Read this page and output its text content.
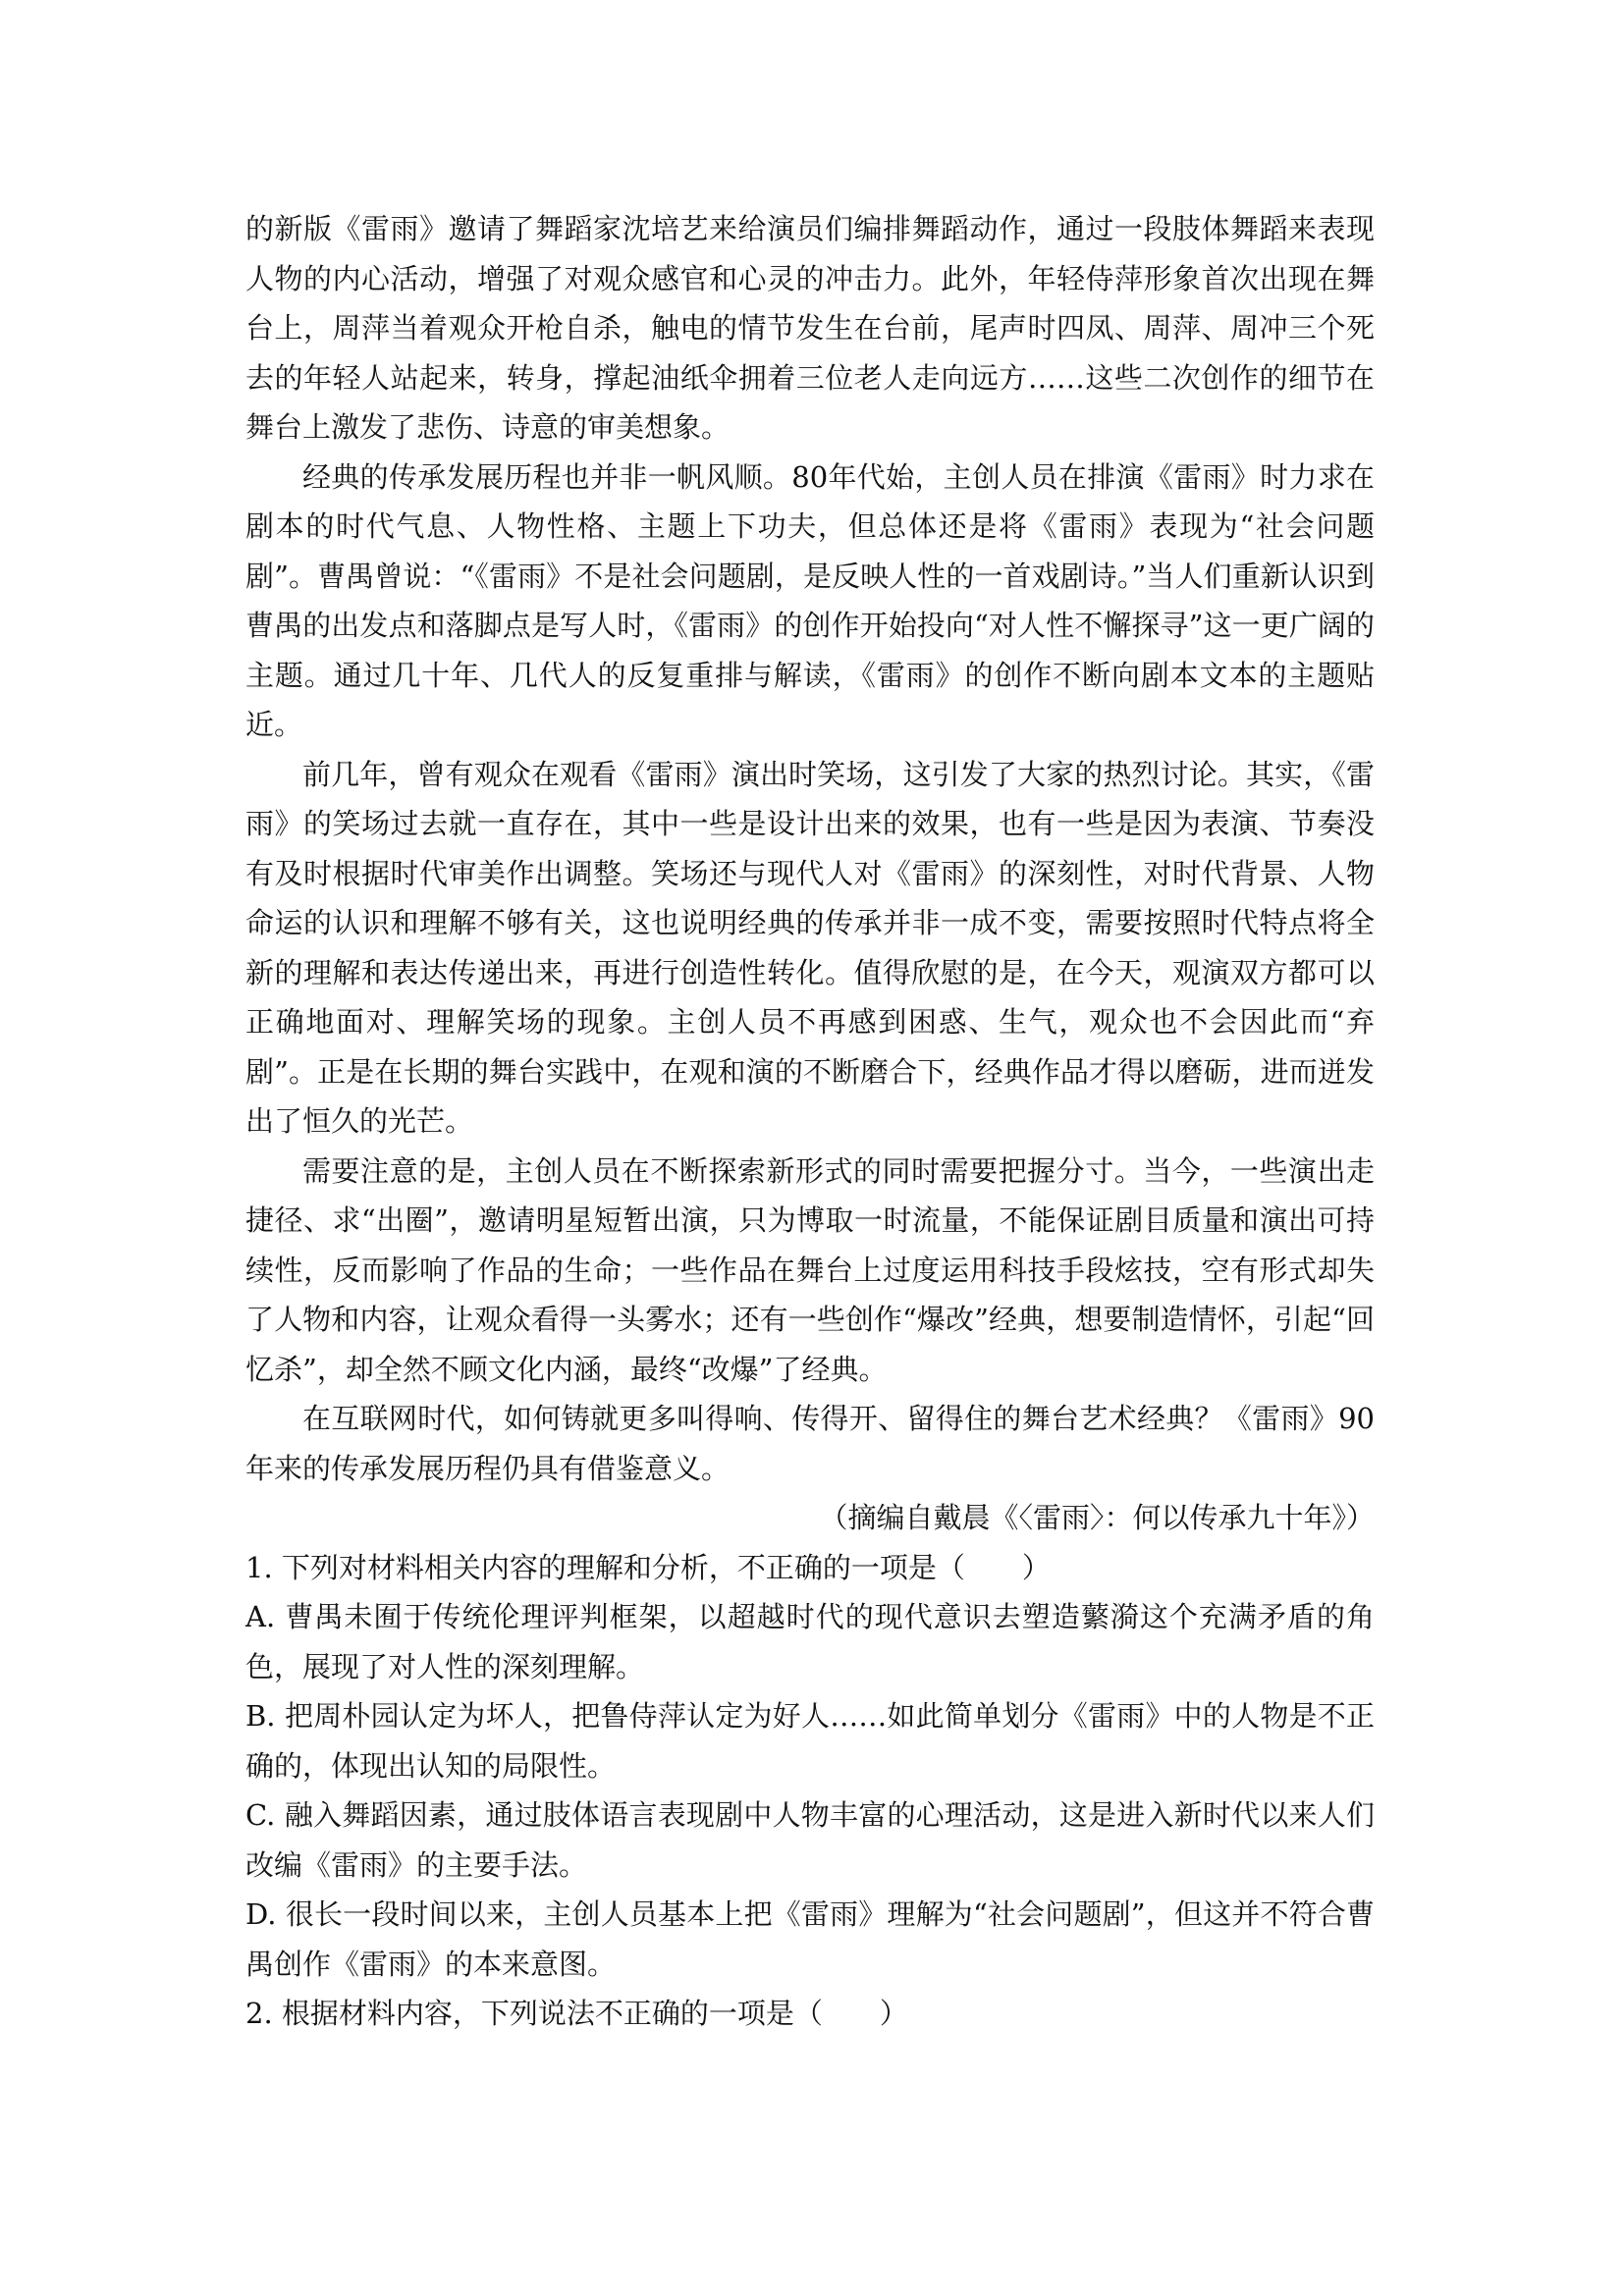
的新版《雷雨》邀请了舞蹈家沈培艺来给演员们编排舞蹈动作，通过一段肢体舞蹈来表现人物的内心活动，增强了对观众感官和心灵的冲击力。此外，年轻侍萍形象首次出现在舞台上，周萍当着观众开枪自杀，触电的情节发生在台前，尾声时四凤、周萍、周冲三个死去的年轻人站起来，转身，撑起油纸伞拥着三位老人走向远方……这些二次创作的细节在舞台上激发了悲伤、诗意的审美想象。

经典的传承发展历程也并非一帆风顺。80年代始，主创人员在排演《雷雨》时力求在剧本的时代气息、人物性格、主题上下功夫，但总体还是将《雷雨》表现为“社会问题剧”。曹禺曾说：“《雷雨》不是社会问题剧，是反映人性的一首戏剧诗。”当人们重新认识到曹禺的出发点和落脚点是写人时，《雷雨》的创作开始投向“对人性不懈探寻”这一更广阔的主题。通过几十年、几代人的反复重排与解读，《雷雨》的创作不断向剧本文本的主题贴近。

前几年，曾有观众在观看《雷雨》演出时笑场，这引发了大家的热烈讨论。其实，《雷雨》的笑场过去就一直存在，其中一些是设计出来的效果，也有一些是因为表演、节奏没有及时根据时代审美作出调整。笑场还与现代人对《雷雨》的深刻性，对时代背景、人物命运的认识和理解不够有关，这也说明经典的传承并非一成不变，需要按照时代特点将全新的理解和表达传递出来，再进行创造性转化。值得欣慰的是，在今天，观演双方都可以正确地面对、理解笑场的现象。主创人员不再感到困惑、生气，观众也不会因此而“弃剧”。正是在长期的舞台实践中，在观和演的不断磨合下，经典作品才得以磨砺，进而迸发出了恒久的光芒。

需要注意的是，主创人员在不断探索新形式的同时需要把握分寸。当今，一些演出走捷径、求“出圈”，邀请明星短暂出演，只为博取一时流量，不能保证剧目质量和演出可持续性，反而影响了作品的生命；一些作品在舞台上过度运用科技手段炫技，空有形式却失了人物和内容，让观众看得一头雾水；还有一些创作“爆改”经典，想要制造情怀，引起“回忆杀”，却全然不顾文化内涵，最终“改爆”了经典。

在互联网时代，如何铸就更多叫得响、传得开、留得住的舞台艺术经典？《雷雨》90年来的传承发展历程仍具有借鉴意义。

（摘编自戴晨《〈雷雨〉：何以传承九十年》）

1. 下列对材料相关内容的理解和分析，不正确的一项是（　　）

A. 曹禺未囿于传统伦理评判框架，以超越时代的现代意识去塑造蘩漪这个充满矛盾的角色，展现了对人性的深刻理解。

B. 把周朴园认定为坏人，把鲁侍萍认定为好人……如此简单划分《雷雨》中的人物是不正确的，体现出认知的局限性。

C. 融入舞蹈因素，通过肢体语言表现剧中人物丰富的心理活动，这是进入新时代以来人们改编《雷雨》的主要手法。

D. 很长一段时间以来，主创人员基本上把《雷雨》理解为“社会问题剧”，但这并不符合曹禺创作《雷雨》的本来意图。

2. 根据材料内容，下列说法不正确的一项是（　　）
